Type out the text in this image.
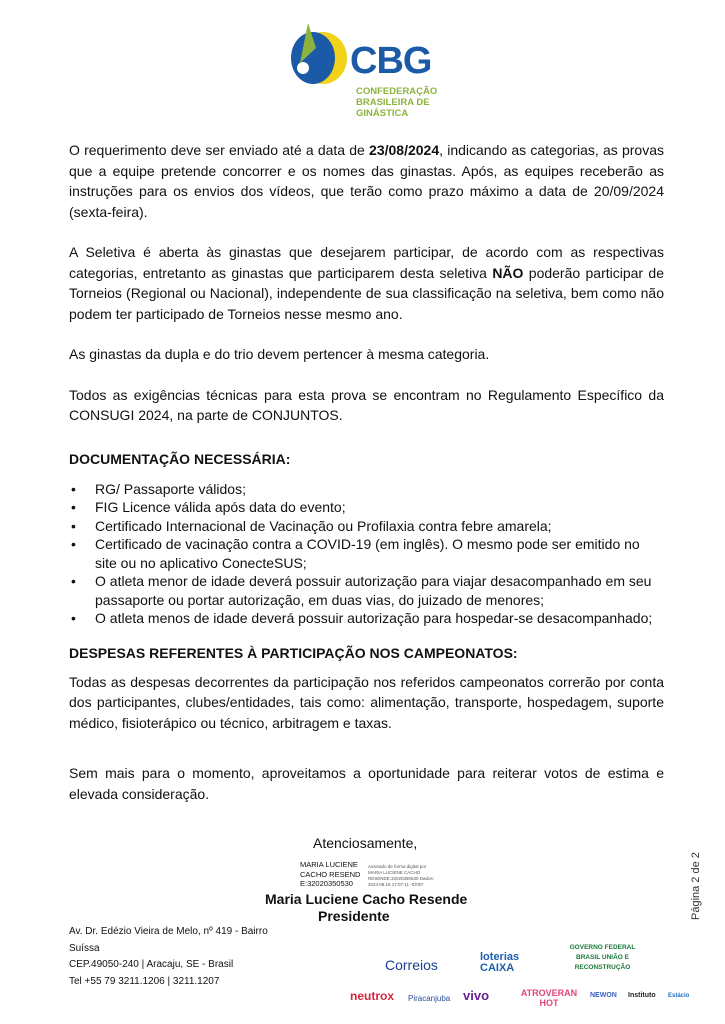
CBG
CONFEDERAÇÃO
BRASILEIRA DE
GINÁSTICA

O requerimento deve ser enviado até a data de 23/08/2024, indicando as categorias, as provas que a equipe pretende concorrer e os nomes das ginastas. Após, as equipes receberão as instruções para os envios dos vídeos, que terão como prazo máximo a data de 20/09/2024 (sexta-feira).

A Seletiva é aberta às ginastas que desejarem participar, de acordo com as respectivas categorias, entretanto as ginastas que participarem desta seletiva NÃO poderão participar de Torneios (Regional ou Nacional), independente de sua classificação na seletiva, bem como não podem ter participado de Torneios nesse mesmo ano.

As ginastas da dupla e do trio devem pertencer à mesma categoria.

Todos as exigências técnicas para esta prova se encontram no Regulamento Específico da CONSUGI 2024, na parte de CONJUNTOS.

DOCUMENTAÇÃO NECESSÁRIA:
• RG/ Passaporte válidos;
• FIG Licence válida após data do evento;
• Certificado Internacional de Vacinação ou Profilaxia contra febre amarela;
• Certificado de vacinação contra a COVID-19 (em inglês). O mesmo pode ser emitido no site ou no aplicativo ConecteSUS;
• O atleta menor de idade deverá possuir autorização para viajar desacompanhado em seu passaporte ou portar autorização, em duas vias, do juizado de menores;
• O atleta menos de idade deverá possuir autorização para hospedar-se desacompanhado;
DESPESAS REFERENTES À PARTICIPAÇÃO NOS CAMPEONATOS:

Todas as despesas decorrentes da participação nos referidos campeonatos correrão por conta dos participantes, clubes/entidades, tais como: alimentação, transporte, hospedagem, suporte médico, fisioterápico ou técnico, arbitragem e taxas.

Sem mais para o momento, aproveitamos a oportunidade para reiterar votos de estima e elevada consideração.

Atenciosamente,
MARIA LUCIENE CACHO RESENDE:32020350530
Assinado de forma digital por MARIA LUCIENE CACHO RESENDE:32020350530 Dados: 2024.08.16 17:07:11 -03'00'
Maria Luciene Cacho Resende
Presidente	Página 2 de 2
Av. Dr. Edézio Vieira de Melo, nº 419 - Bairro
Suíssa
CEP.49050-240 | Aracaju, SE - Brasil
Tel +55 79 3211.1206 | 3211.1207
Correios	loterias CAIXA
GOVERNO FEDERAL BRASIL UNIÃO E RECONSTRUÇÃO
neutrox Piracanjuba vivo	ATROVERAN HOT
NEWON Instituto Estácio
